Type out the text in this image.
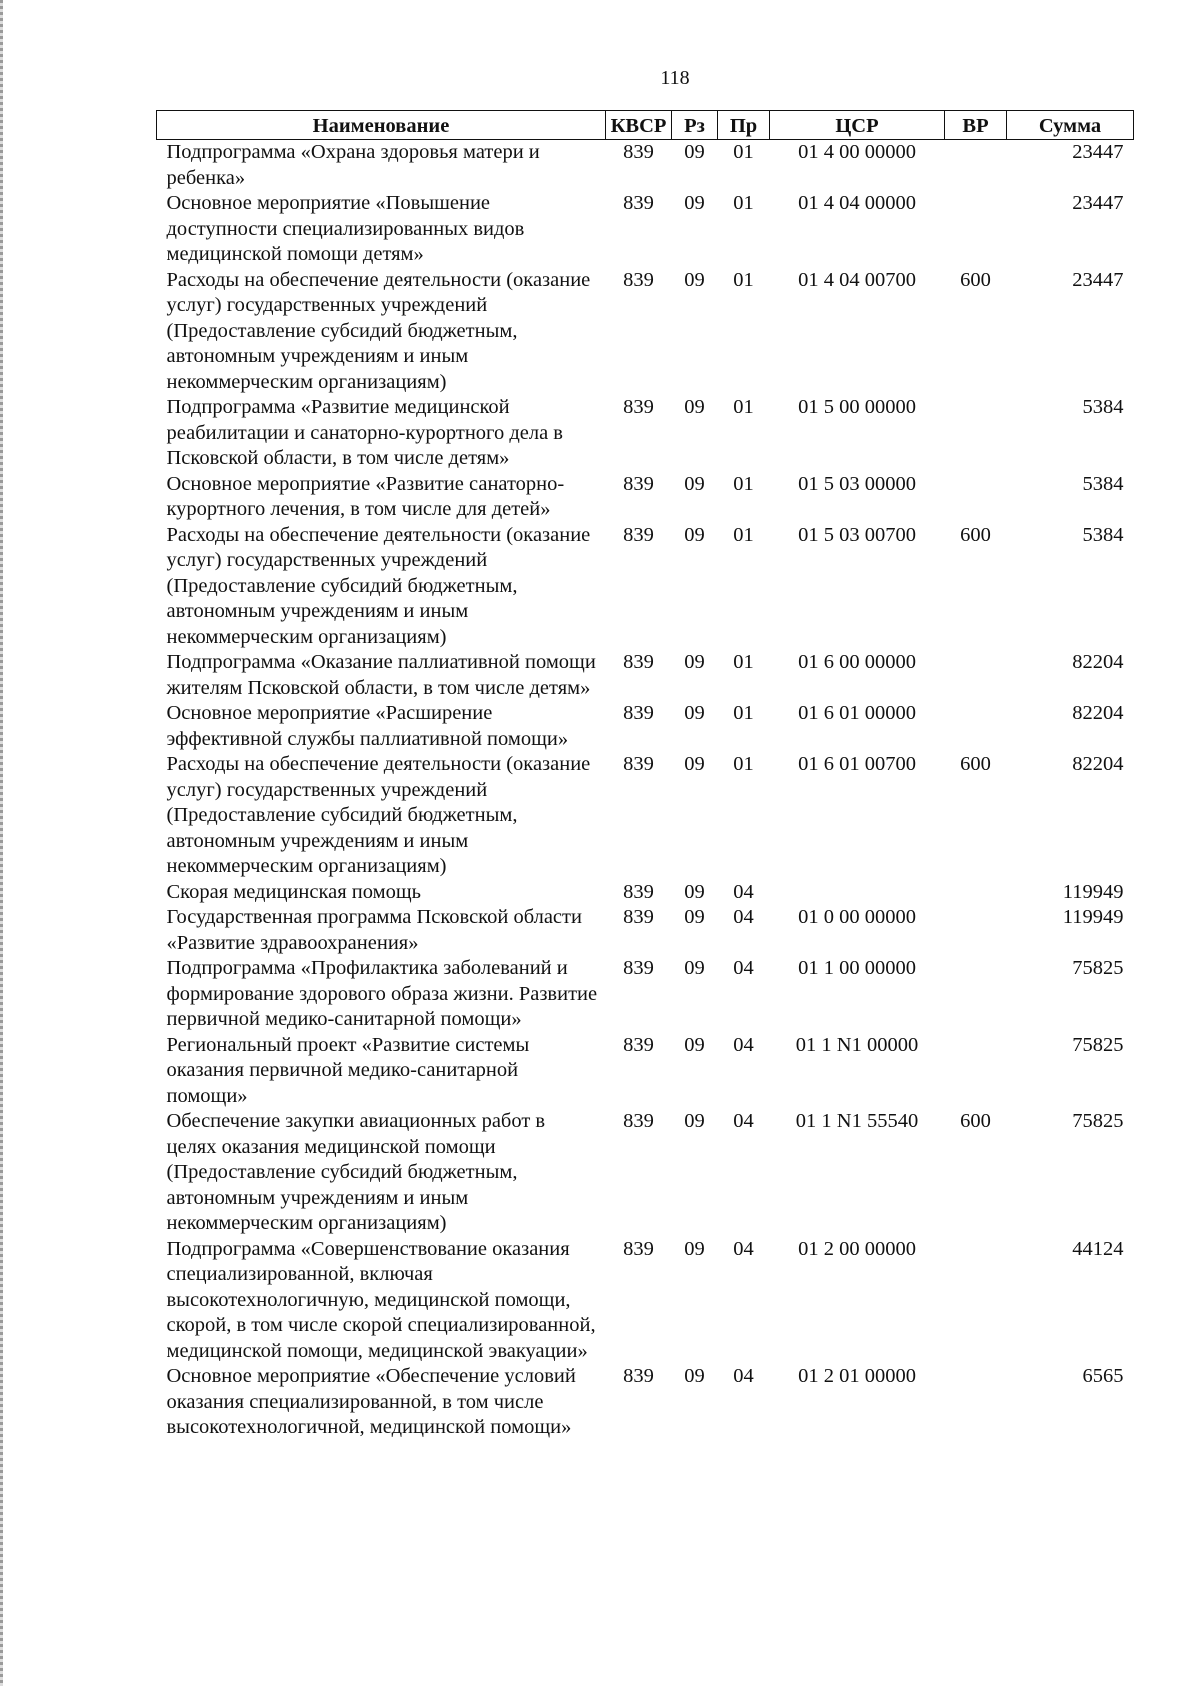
118
Наименование	КВСР	Рз	Пр	ЦСР	ВР	Сумма
Подпрограмма «Охрана здоровья матери и ребенка»	839	09	01	01 4 00 00000		23447
Основное мероприятие «Повышение доступности специализированных видов медицинской помощи детям»	839	09	01	01 4 04 00000		23447
Расходы на обеспечение деятельности (оказание услуг) государственных учреждений (Предоставление субсидий бюджетным, автономным учреждениям и иным некоммерческим организациям)	839	09	01	01 4 04 00700	600	23447
Подпрограмма «Развитие медицинской реабилитации и санаторно-курортного дела в Псковской области, в том числе детям»	839	09	01	01 5 00 00000		5384
Основное мероприятие «Развитие санаторно-курортного лечения, в том числе для детей»	839	09	01	01 5 03 00000		5384
Расходы на обеспечение деятельности (оказание услуг) государственных учреждений (Предоставление субсидий бюджетным, автономным учреждениям и иным некоммерческим организациям)	839	09	01	01 5 03 00700	600	5384
Подпрограмма «Оказание паллиативной помощи жителям Псковской области, в том числе детям»	839	09	01	01 6 00 00000		82204
Основное мероприятие «Расширение эффективной службы паллиативной помощи»	839	09	01	01 6 01 00000		82204
Расходы на обеспечение деятельности (оказание услуг) государственных учреждений (Предоставление субсидий бюджетным, автономным учреждениям и иным некоммерческим организациям)	839	09	01	01 6 01 00700	600	82204
Скорая медицинская помощь	839	09	04			119949
Государственная программа Псковской области «Развитие здравоохранения»	839	09	04	01 0 00 00000		119949
Подпрограмма «Профилактика заболеваний и формирование здорового образа жизни. Развитие первичной медико-санитарной помощи»	839	09	04	01 1 00 00000		75825
Региональный проект «Развитие системы оказания первичной медико-санитарной помощи»	839	09	04	01 1 N1 00000		75825
Обеспечение закупки авиационных работ в целях оказания медицинской помощи (Предоставление субсидий бюджетным, автономным учреждениям и иным некоммерческим организациям)	839	09	04	01 1 N1 55540	600	75825
Подпрограмма «Совершенствование оказания специализированной, включая высокотехнологичную, медицинской помощи, скорой, в том числе скорой специализированной, медицинской помощи, медицинской эвакуации»	839	09	04	01 2 00 00000		44124
Основное мероприятие «Обеспечение условий оказания специализированной, в том числе высокотехнологичной, медицинской помощи»	839	09	04	01 2 01 00000		6565
